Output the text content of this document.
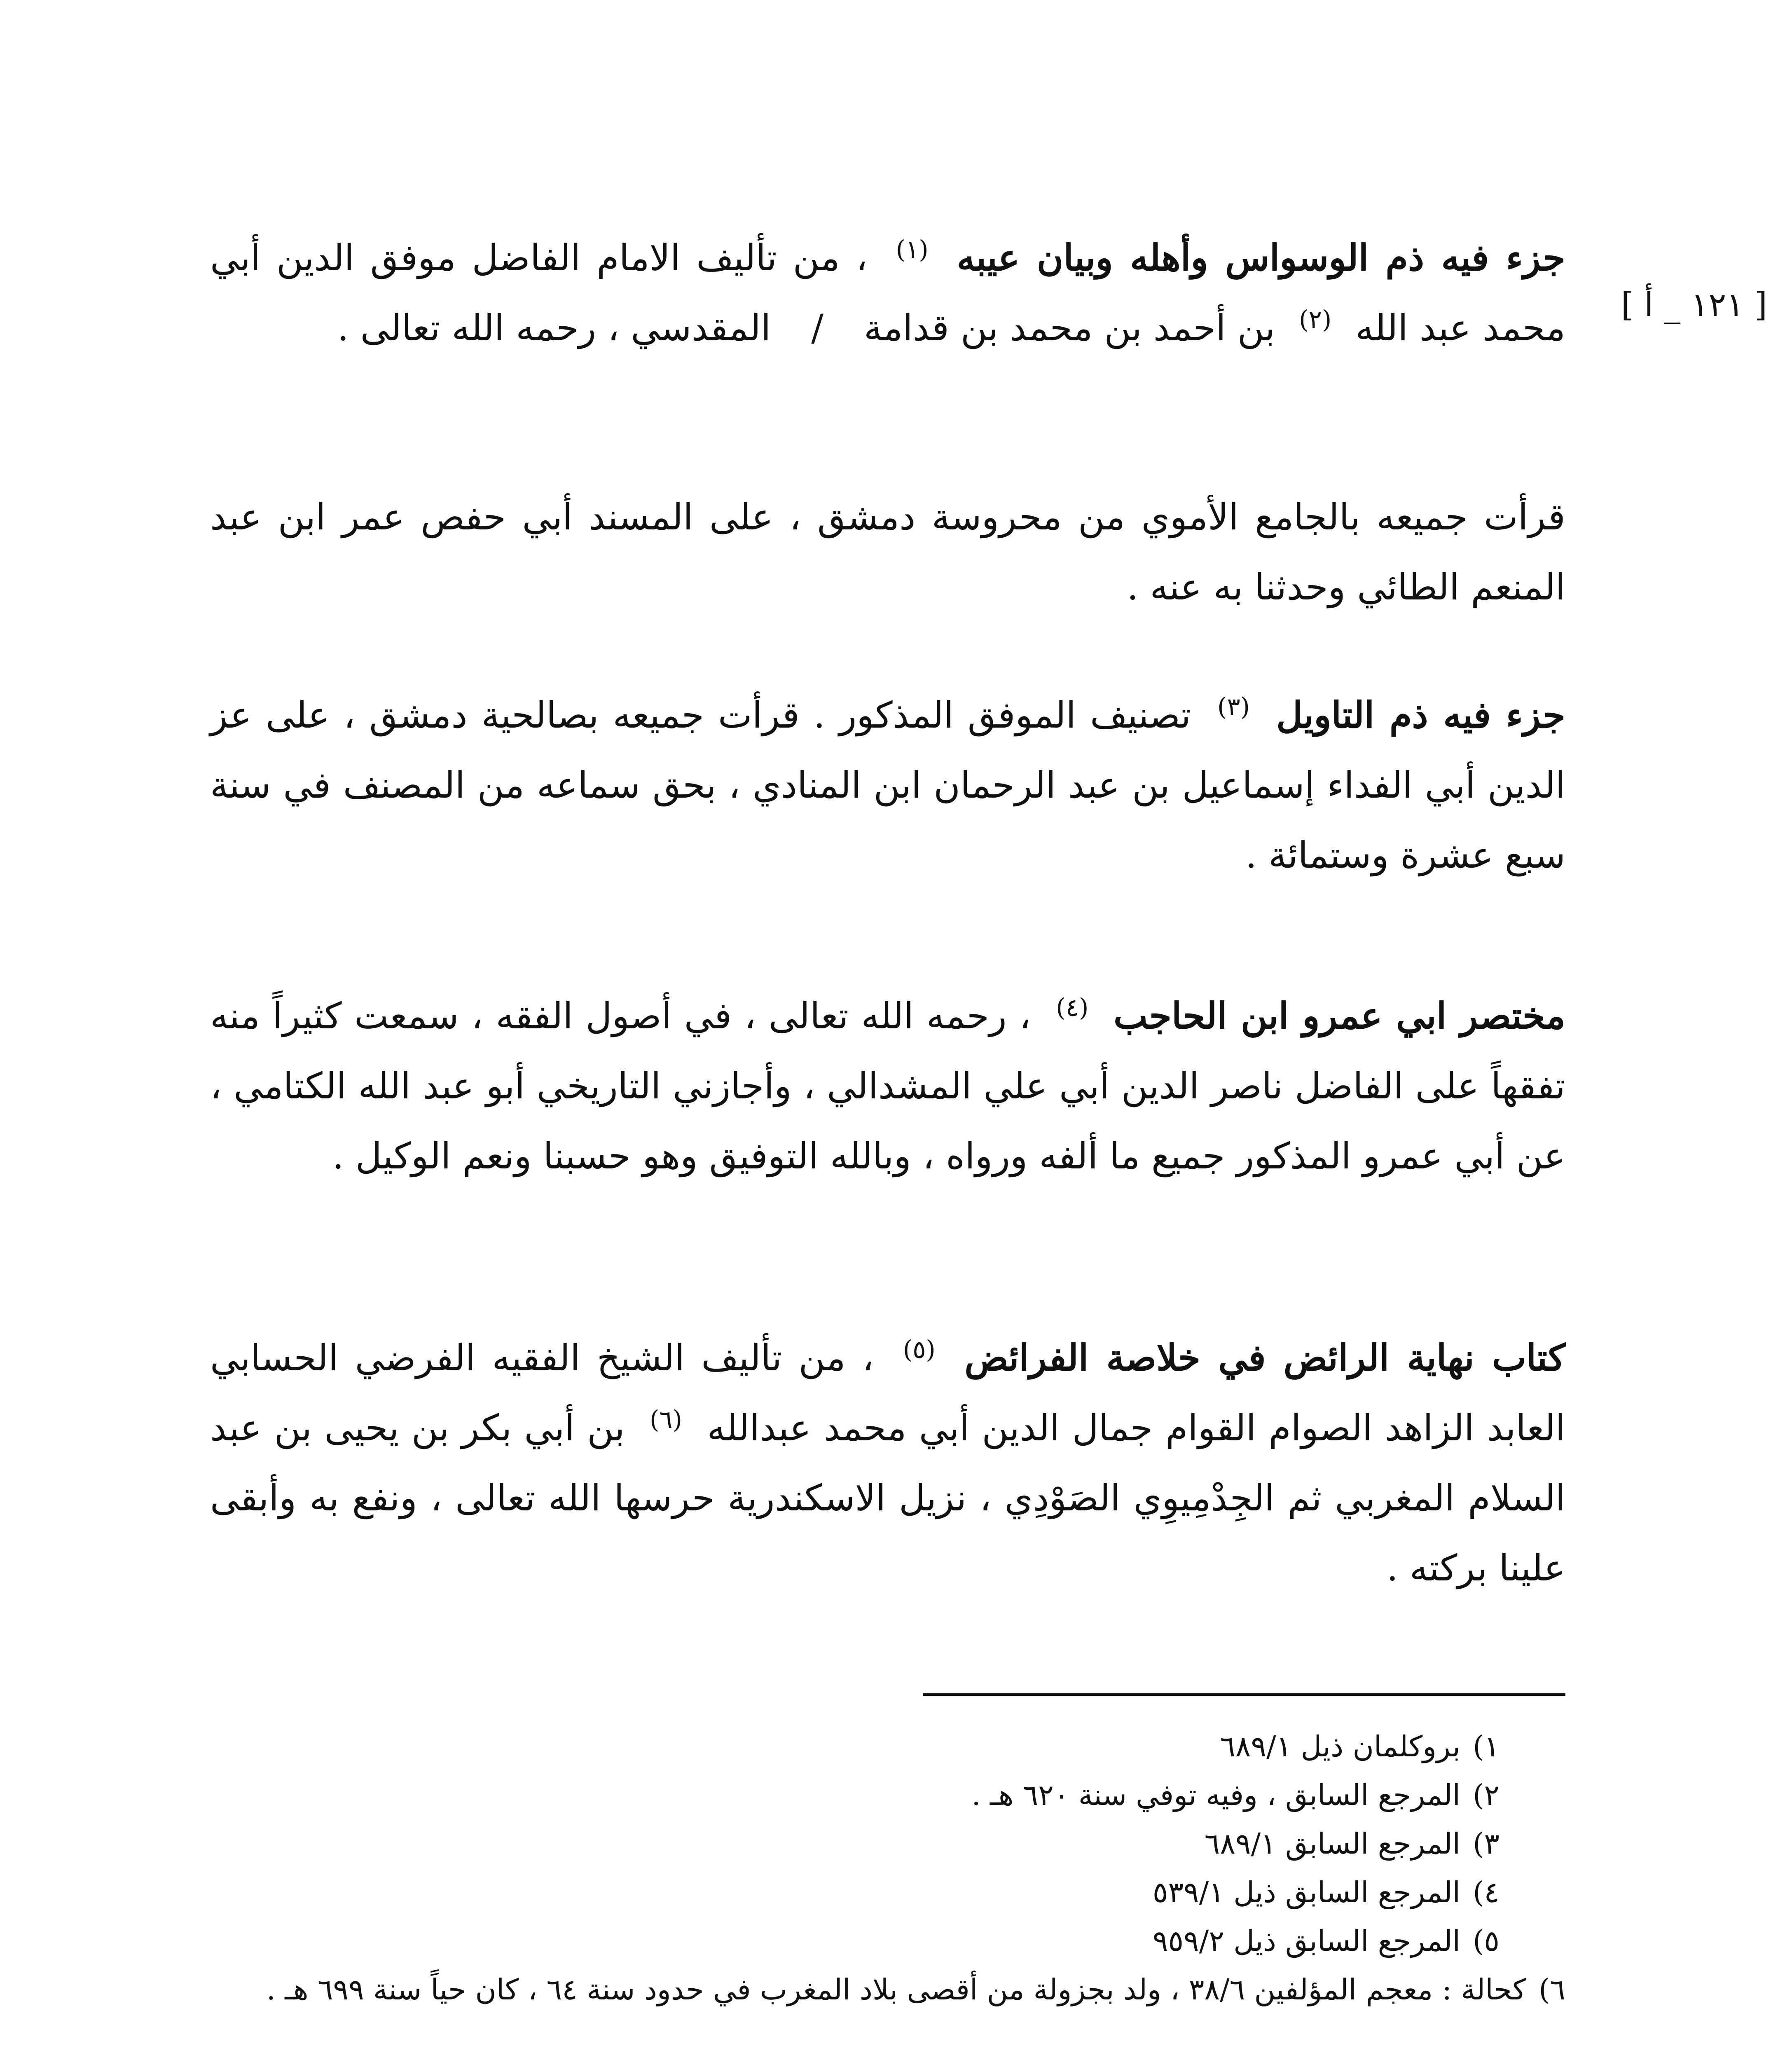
[ ١٢١ _ أ ]
جزء فيه ذم الوسواس وأهله وبيان عيبه $^{(١)}$ ، من تأليف الامام الفاضل موفق الدين أبي محمد عبد الله $^{(٢)}$ بن أحمد بن محمد بن قدامة / المقدسي ، رحمه الله تعالى .
قرأت جميعه بالجامع الأموي من محروسة دمشق ، على المسند أبي حفص عمر ابن عبد المنعم الطائي وحدثنا به عنه .
جزء فيه ذم التاويل $^{(٣)}$ تصنيف الموفق المذكور . قرأت جميعه بصالحية دمشق ، على عز الدين أبي الفداء إسماعيل بن عبد الرحمان ابن المنادي ، بحق سماعه من المصنف في سنة سبع عشرة وستمائة .
مختصر ابي عمرو ابن الحاجب $^{(٤)}$ ، رحمه الله تعالى ، في أصول الفقه ، سمعت كثيراً منه تفقهاً على الفاضل ناصر الدين أبي علي المشدالي ، وأجازني التاريخي أبو عبد الله الكتامي ، عن أبي عمرو المذكور جميع ما ألفه ورواه ، وبالله التوفيق وهو حسبنا ونعم الوكيل .
كتاب نهاية الرائض في خلاصة الفرائض $^{(٥)}$ ، من تأليف الشيخ الفقيه الفرضي الحسابي العابد الزاهد الصوام القوام جمال الدين أبي محمد عبدالله $^{(٦)}$ بن أبي بكر بن يحيى بن عبد السلام المغربي ثم الجِدْمِيوِي الصَوْدِي ، نزيل الاسكندرية حرسها الله تعالى ، ونفع به وأبقى علينا بركته .
١)
بروكلمان ذيل ٦٨٩/١
٢)
المرجع السابق ، وفيه توفي سنة ٦٢٠ هـ .
٣)
المرجع السابق ٦٨٩/١
٤)
المرجع السابق ذيل ٥٣٩/١
٥)
المرجع السابق ذيل ٩٥٩/٢
٦)
كحالة : معجم المؤلفين ٣٨/٦ ، ولد بجزولة من أقصى بلاد المغرب في حدود سنة ٦٤ ، كان حياً سنة ٦٩٩ هـ .
